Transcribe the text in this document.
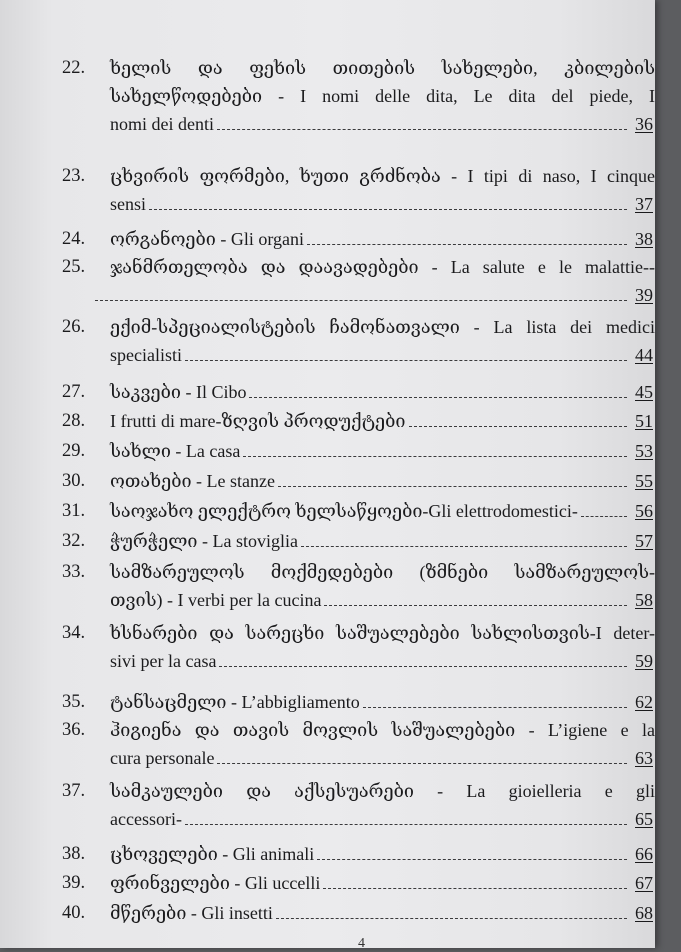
22.	ხელის და ფეხის თითების სახელები, კბილების
სახელწოდებები - I nomi delle dita, Le dita del piede, I
nomi dei denti	36
23.	ცხვირის ფორმები, ხუთი გრძნობა - I tipi di naso, I cinque
sensi	37
24.	ორგანოები - Gli organi	38
25.	ჯანმრთელობა და დაავადებები - La salute e le malattie--
39
26.	ექიმ-სპეციალისტების ჩამონათვალი - La lista dei medici
specialisti	44
27.	საკვები - Il Cibo	45
28.	I frutti di mare-ზღვის პროდუქტები	51
29.	სახლი - La casa	53
30.	ოთახები - Le stanze	55
31.	საოჯახო ელექტრო ხელსაწყოები-Gli elettrodomestici-	56
32.	ჭურჭელი - La stoviglia	57
33.	სამზარეულოს მოქმედებები (ზმნები სამზარეულოს-
თვის) - I verbi per la cucina	58
34.	ხსნარები და სარეცხი საშუალებები სახლისთვის-I deter-
sivi per la casa	59
35.	ტანსაცმელი - L’abbigliamento	62
36.	ჰიგიენა და თავის მოვლის საშუალებები - L’igiene e la
cura personale	63
37.	სამკაულები და აქსესუარები - La gioielleria e gli
accessori-	65
38.	ცხოველები - Gli animali	66
39.	ფრინველები - Gli uccelli	67
40.	მწერები - Gli insetti	68
4
